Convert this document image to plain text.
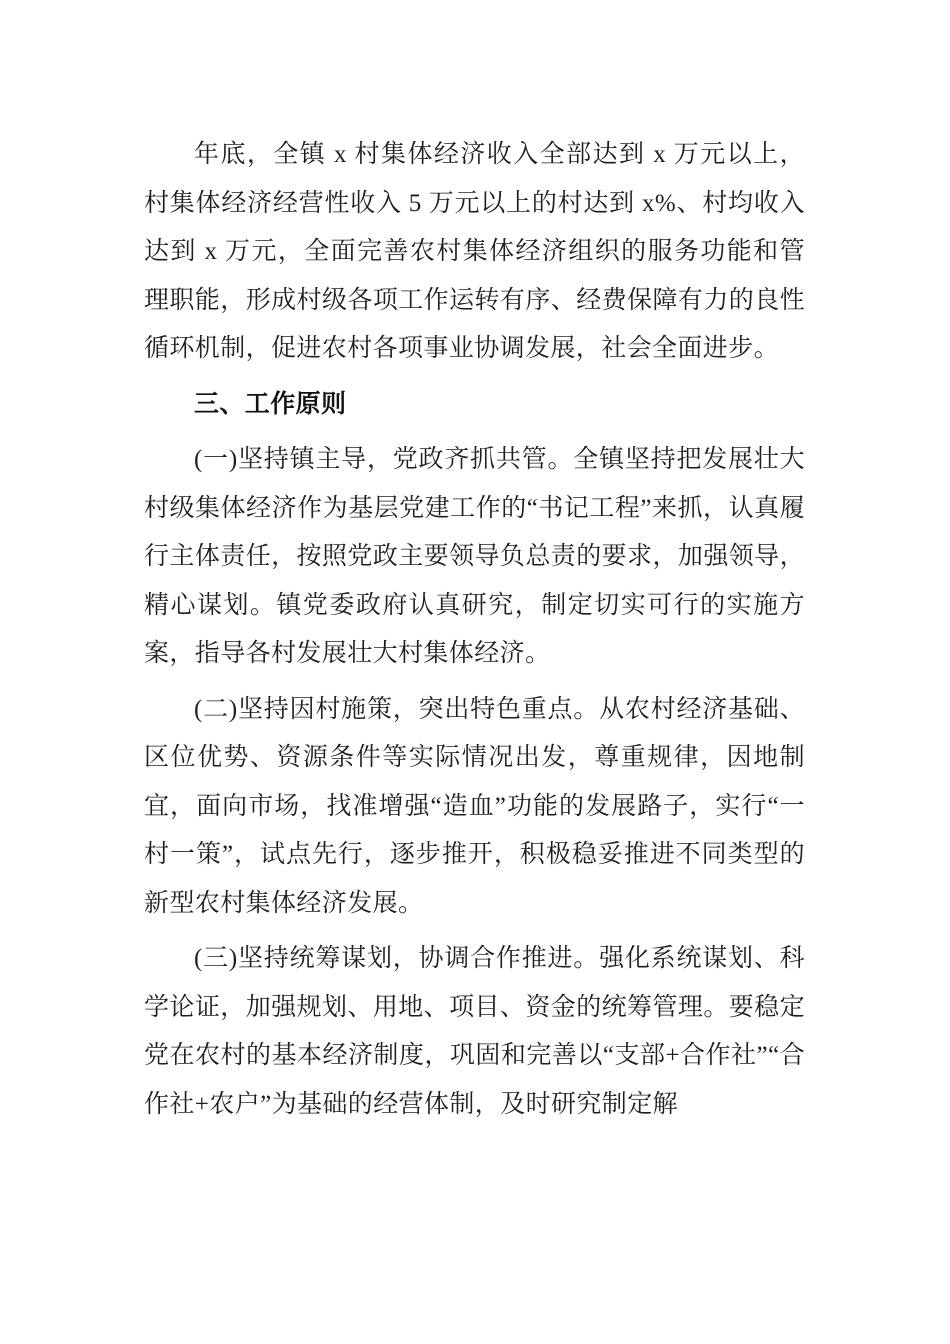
年底，全镇 x 村集体经济收入全部达到 x 万元以上，村集体经济经营性收入 5 万元以上的村达到 x%、村均收入达到 x 万元，全面完善农村集体经济组织的服务功能和管理职能，形成村级各项工作运转有序、经费保障有力的良性循环机制，促进农村各项事业协调发展，社会全面进步。

三、工作原则

(一)坚持镇主导，党政齐抓共管。全镇坚持把发展壮大村级集体经济作为基层党建工作的“书记工程”来抓，认真履行主体责任，按照党政主要领导负总责的要求，加强领导，精心谋划。镇党委政府认真研究，制定切实可行的实施方案，指导各村发展壮大村集体经济。

(二)坚持因村施策，突出特色重点。从农村经济基础、区位优势、资源条件等实际情况出发，尊重规律，因地制宜，面向市场，找准增强“造血”功能的发展路子，实行“一村一策”，试点先行，逐步推开，积极稳妥推进不同类型的新型农村集体经济发展。

(三)坚持统筹谋划，协调合作推进。强化系统谋划、科学论证，加强规划、用地、项目、资金的统筹管理。要稳定党在农村的基本经济制度，巩固和完善以“支部+合作社”“合作社+农户”为基础的经营体制，及时研究制定解
